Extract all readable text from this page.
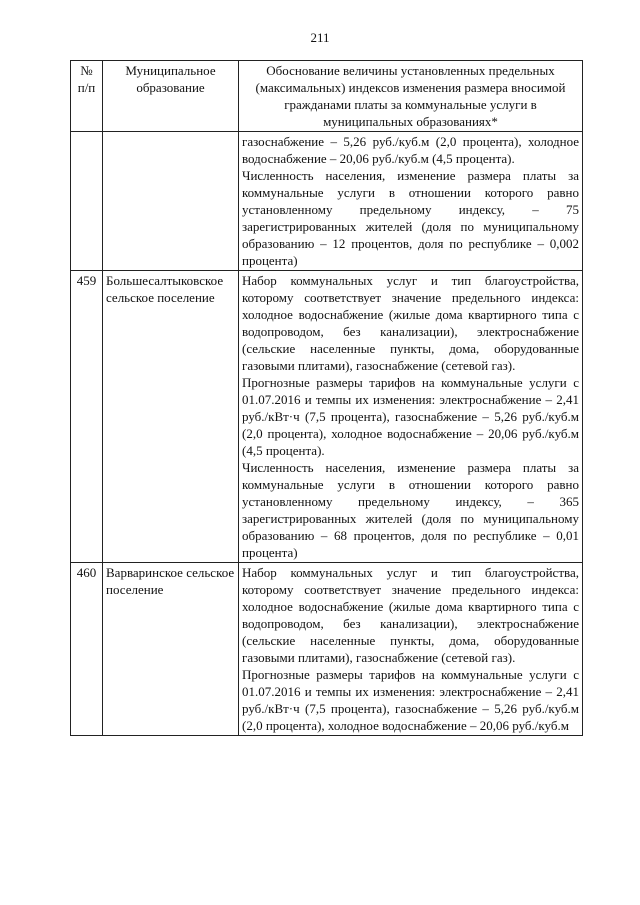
211
№ п/п	Муниципальное образование	Обоснование величины установленных предельных (максимальных) индексов изменения размера вносимой гражданами платы за коммунальные услуги в муниципальных образованиях*

		газоснабжение – 5,26 руб./куб.м (2,0 процента), холодное водоснабжение – 20,06 руб./куб.м (4,5 процента).

Численность населения, изменение размера платы за коммунальные услуги в отношении которого равно установленному предельному индексу, – 75 зарегистрированных жителей (доля по муниципальному образованию – 12 процентов, доля по республике – 0,002 процента)

459	Большесалтыковское сельское поселение	Набор коммунальных услуг и тип благоустройства, которому соответствует значение предельного индекса: холодное водоснабжение (жилые дома квартирного типа с водопроводом, без канализации), электроснабжение (сельские населенные пункты, дома, оборудованные газовыми плитами), газоснабжение (сетевой газ).

Прогнозные размеры тарифов на коммунальные услуги с 01.07.2016 и темпы их изменения: электроснабжение – 2,41 руб./кВт·ч (7,5 процента), газоснабжение – 5,26 руб./куб.м (2,0 процента), холодное водоснабжение – 20,06 руб./куб.м (4,5 процента).

Численность населения, изменение размера платы за коммунальные услуги в отношении которого равно установленному предельному индексу, – 365 зарегистрированных жителей (доля по муниципальному образованию – 68 процентов, доля по республике – 0,01 процента)

460	Варваринское сельское поселение	Набор коммунальных услуг и тип благоустройства, которому соответствует значение предельного индекса: холодное водоснабжение (жилые дома квартирного типа с водопроводом, без канализации), электроснабжение (сельские населенные пункты, дома, оборудованные газовыми плитами), газоснабжение (сетевой газ).

Прогнозные размеры тарифов на коммунальные услуги с 01.07.2016 и темпы их изменения: электроснабжение – 2,41 руб./кВт·ч (7,5 процента), газоснабжение – 5,26 руб./куб.м (2,0 процента), холодное водоснабжение – 20,06 руб./куб.м
